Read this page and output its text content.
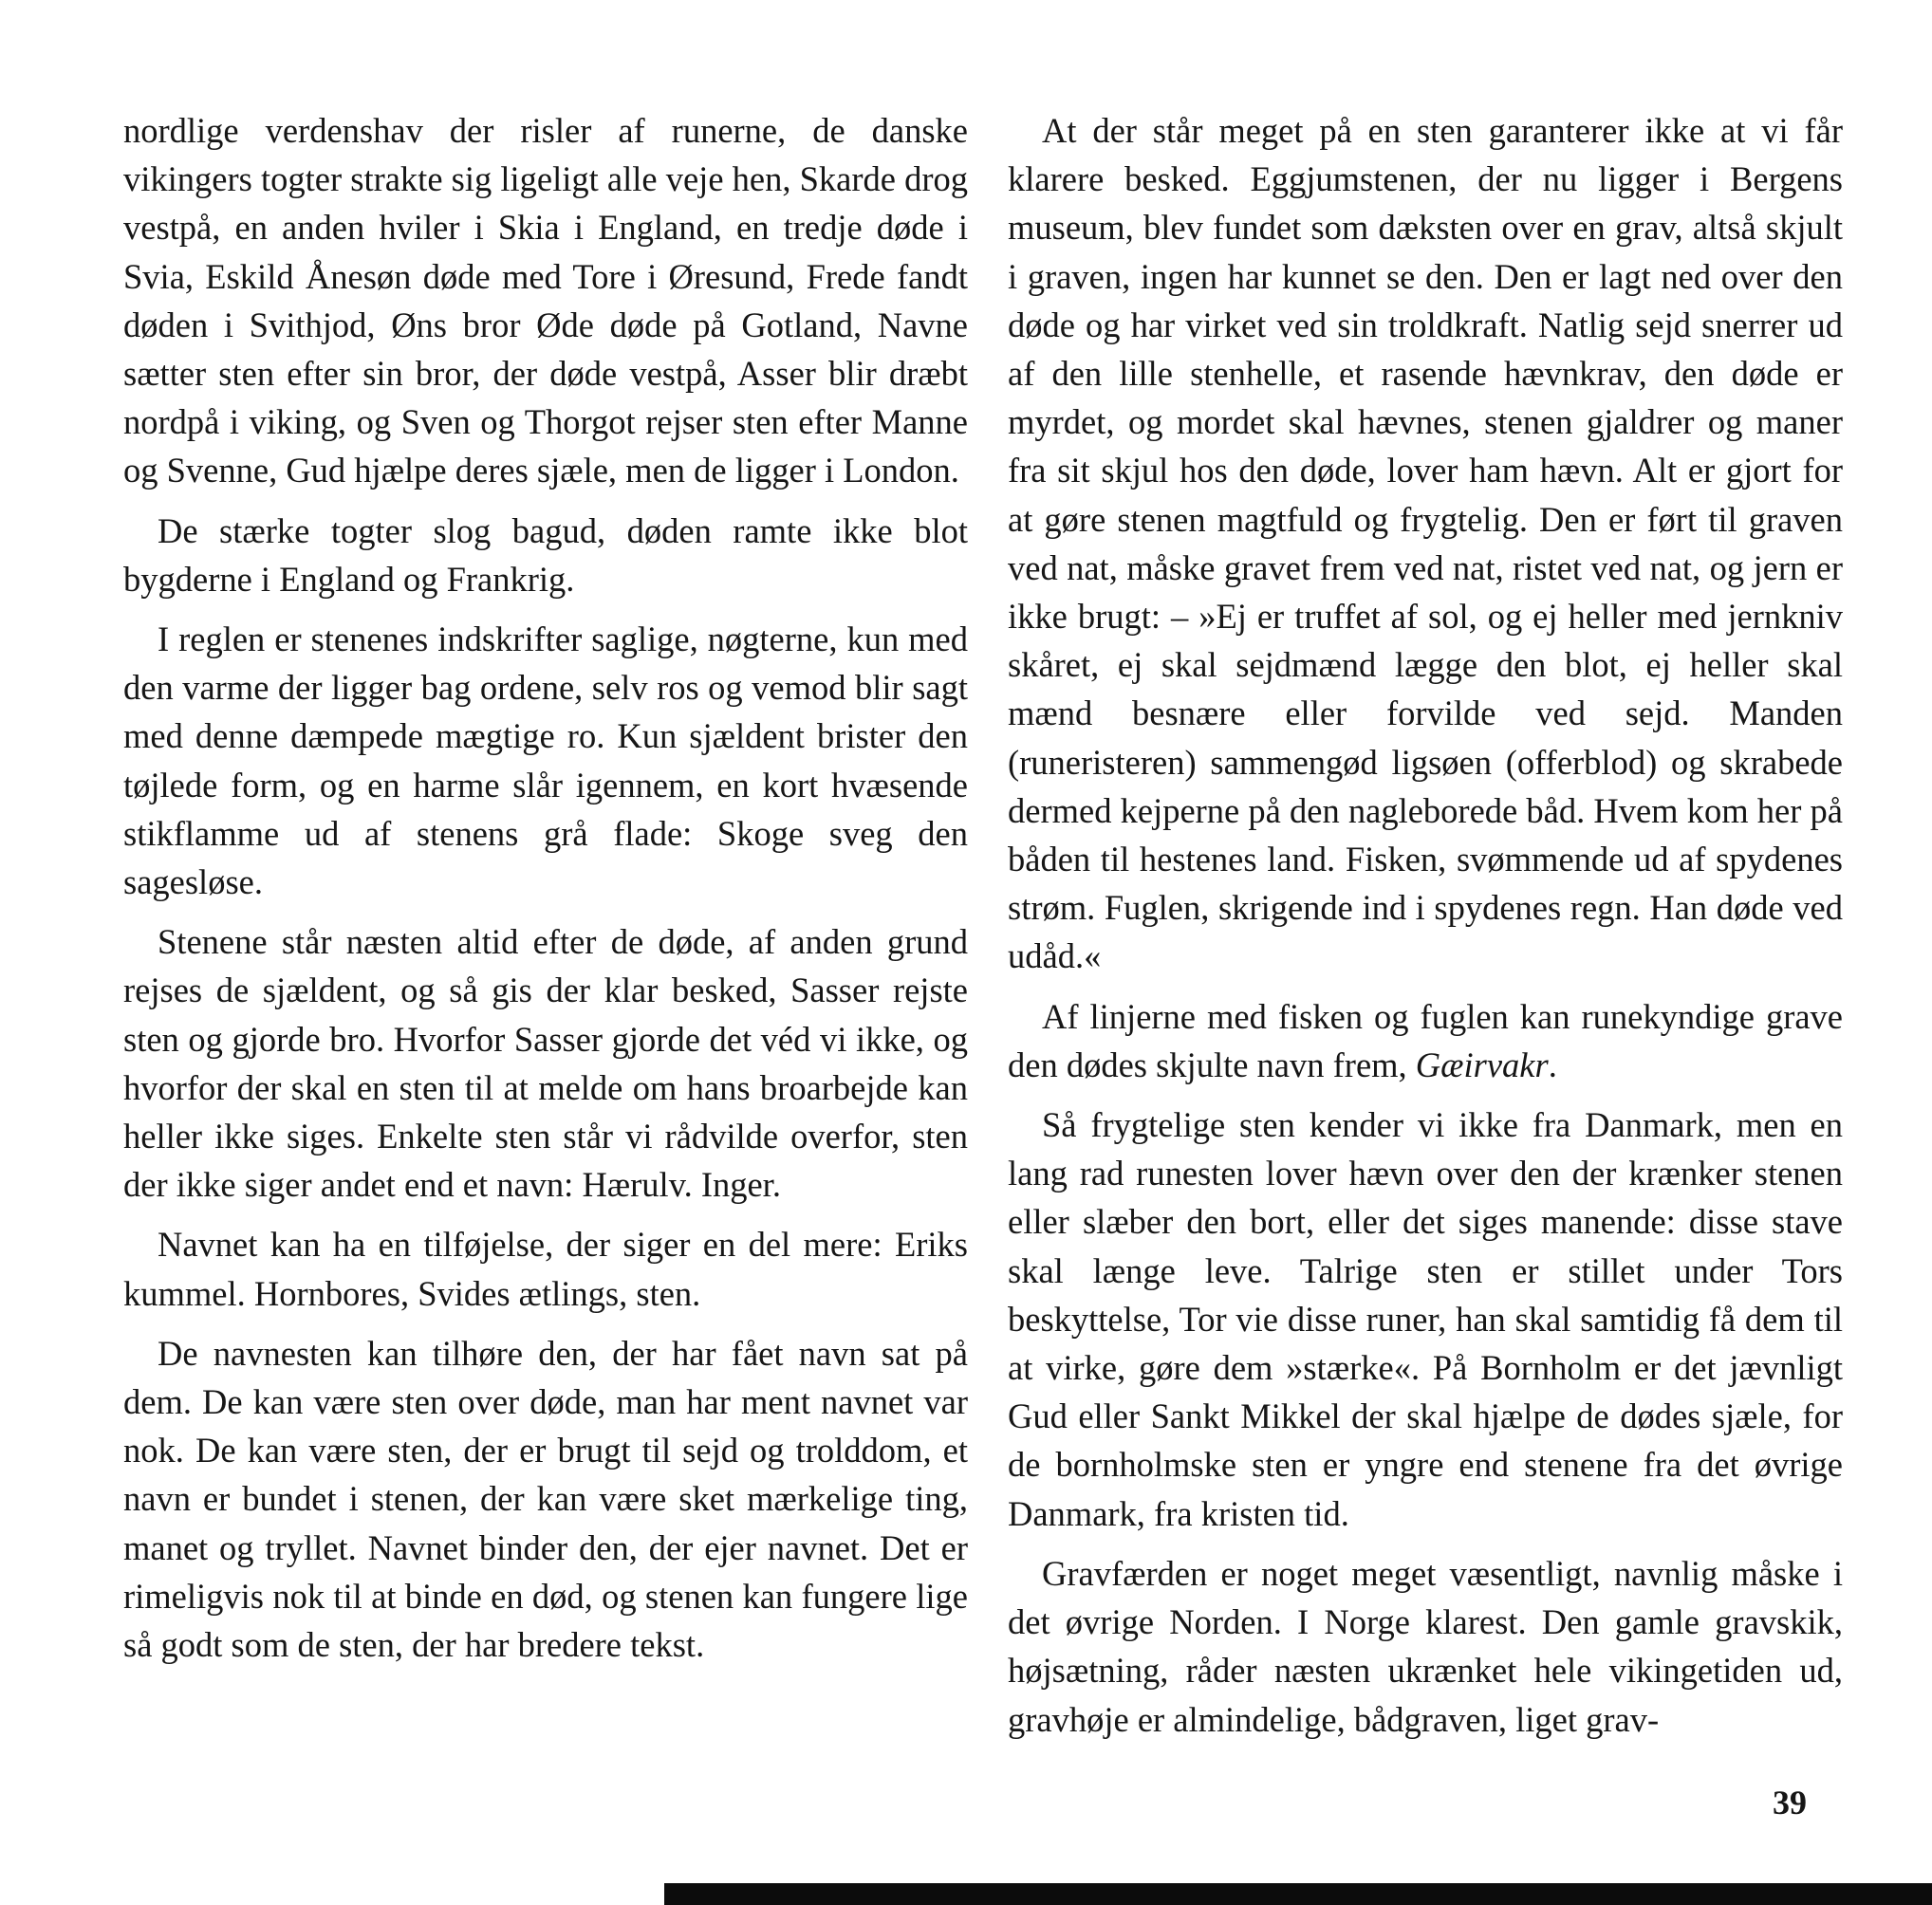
nordlige verdenshav der risler af runerne, de danske vikingers togter strakte sig ligeligt alle veje hen, Skarde drog vestpå, en anden hviler i Skia i England, en tredje døde i Svia, Eskild Ånesøn døde med Tore i Øresund, Frede fandt døden i Svithjod, Øns bror Øde døde på Gotland, Navne sætter sten efter sin bror, der døde vestpå, Asser blir dræbt nordpå i viking, og Sven og Thorgot rejser sten efter Manne og Svenne, Gud hjælpe deres sjæle, men de ligger i London.

De stærke togter slog bagud, døden ramte ikke blot bygderne i England og Frankrig.

I reglen er stenenes indskrifter saglige, nøgterne, kun med den varme der ligger bag ordene, selv ros og vemod blir sagt med denne dæmpede mægtige ro. Kun sjældent brister den tøjlede form, og en harme slår igennem, en kort hvæsende stikflamme ud af stenens grå flade: Skoge sveg den sagesløse.

Stenene står næsten altid efter de døde, af anden grund rejses de sjældent, og så gis der klar besked, Sasser rejste sten og gjorde bro. Hvorfor Sasser gjorde det véd vi ikke, og hvorfor der skal en sten til at melde om hans broarbejde kan heller ikke siges. Enkelte sten står vi rådvilde overfor, sten der ikke siger andet end et navn: Hærulv. Inger.

Navnet kan ha en tilføjelse, der siger en del mere: Eriks kummel. Hornbores, Svides ætlings, sten.

De navnesten kan tilhøre den, der har fået navn sat på dem. De kan være sten over døde, man har ment navnet var nok. De kan være sten, der er brugt til sejd og trolddom, et navn er bundet i stenen, der kan være sket mærkelige ting, manet og tryllet. Navnet binder den, der ejer navnet. Det er rimeligvis nok til at binde en død, og stenen kan fungere lige så godt som de sten, der har bredere tekst.

At der står meget på en sten garanterer ikke at vi får klarere besked. Eggjumstenen, der nu ligger i Bergens museum, blev fundet som dæksten over en grav, altså skjult i graven, ingen har kunnet se den. Den er lagt ned over den døde og har virket ved sin troldkraft. Natlig sejd snerrer ud af den lille stenhelle, et rasende hævnkrav, den døde er myrdet, og mordet skal hævnes, stenen gjaldrer og maner fra sit skjul hos den døde, lover ham hævn. Alt er gjort for at gøre stenen magtfuld og frygtelig. Den er ført til graven ved nat, måske gravet frem ved nat, ristet ved nat, og jern er ikke brugt: – »Ej er truffet af sol, og ej heller med jernkniv skåret, ej skal sejdmænd lægge den blot, ej heller skal mænd besnære eller forvilde ved sejd. Manden (runeristeren) sammengød ligsøen (offerblod) og skrabede dermed kejperne på den nagleborede båd. Hvem kom her på båden til hestenes land. Fisken, svømmende ud af spydenes strøm. Fuglen, skrigende ind i spydenes regn. Han døde ved udåd.«

Af linjerne med fisken og fuglen kan runekyndige grave den dødes skjulte navn frem, Gæirvakr.

Så frygtelige sten kender vi ikke fra Danmark, men en lang rad runesten lover hævn over den der krænker stenen eller slæber den bort, eller det siges manende: disse stave skal længe leve. Talrige sten er stillet under Tors beskyttelse, Tor vie disse runer, han skal samtidig få dem til at virke, gøre dem »stærke«. På Bornholm er det jævnligt Gud eller Sankt Mikkel der skal hjælpe de dødes sjæle, for de bornholmske sten er yngre end stenene fra det øvrige Danmark, fra kristen tid.

Gravfærden er noget meget væsentligt, navnlig måske i det øvrige Norden. I Norge klarest. Den gamle gravskik, højsætning, råder næsten ukrænket hele vikingetiden ud, gravhøje er almindelige, bådgraven, liget grav-

39
